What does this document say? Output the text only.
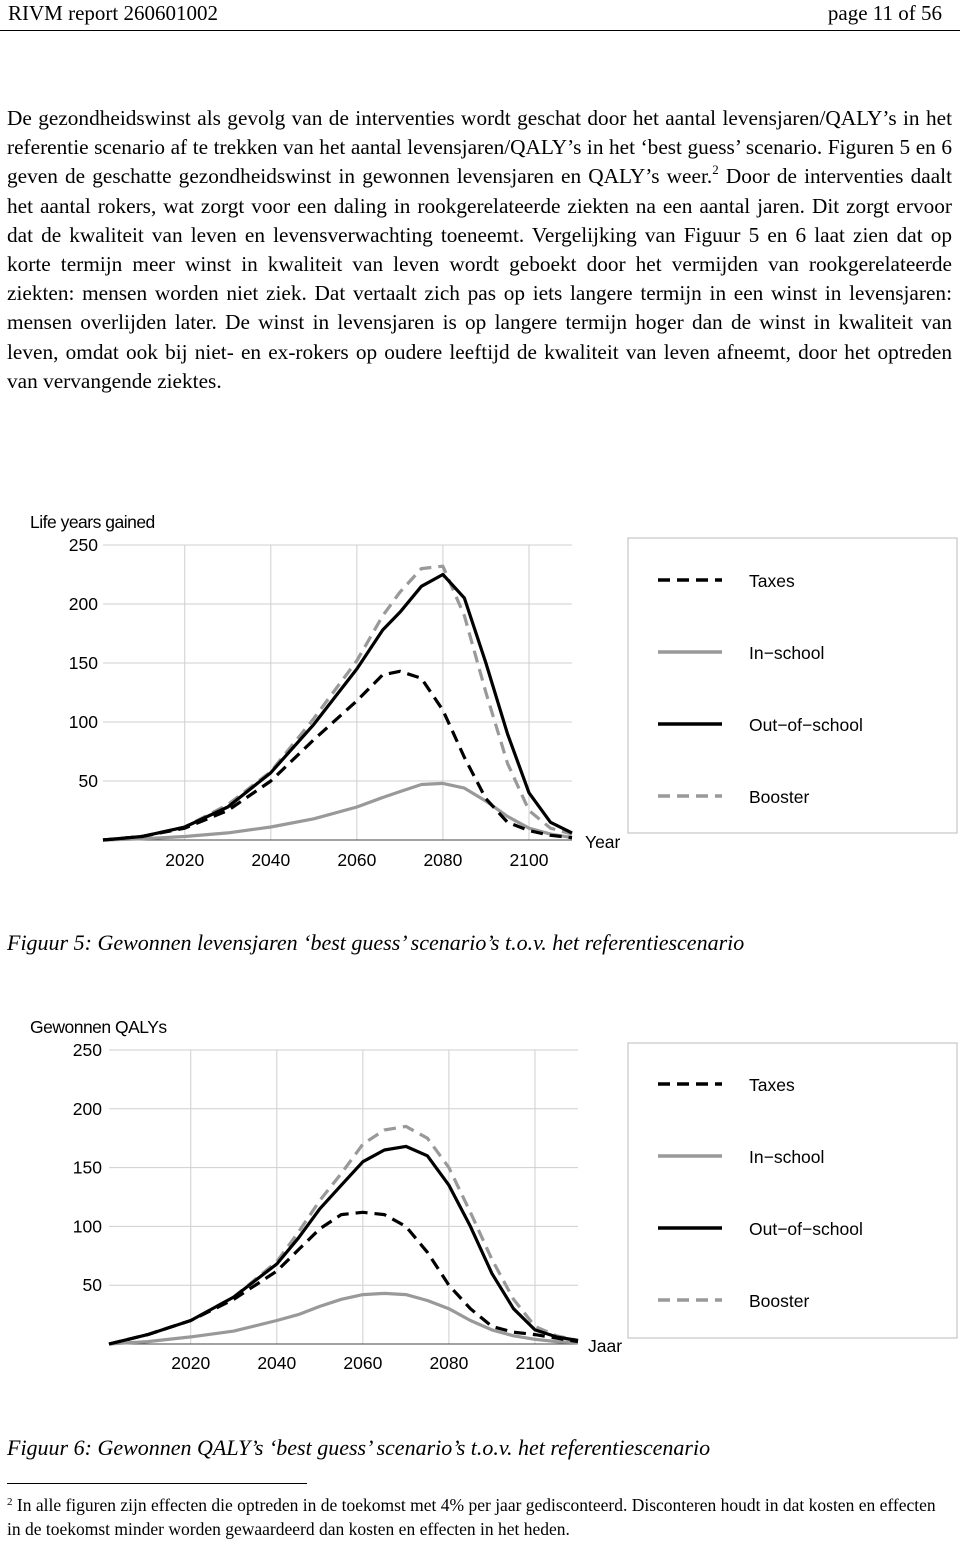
RIVM report 260601002	page 11 of 56
De gezondheidswinst als gevolg van de interventies wordt geschat door het aantal levensjaren/QALY’s in het referentie scenario af te trekken van het aantal levensjaren/QALY’s in het ‘best guess’ scenario. Figuren 5 en 6 geven de geschatte gezondheidswinst in gewonnen levensjaren en QALY’s weer.$^2$ Door de interventies daalt het aantal rokers, wat zorgt voor een daling in rookgerelateerde ziekten na een aantal jaren. Dit zorgt ervoor dat de kwaliteit van leven en levensverwachting toeneemt. Vergelijking van Figuur 5 en 6 laat zien dat op korte termijn meer winst in kwaliteit van leven wordt geboekt door het vermijden van rookgerelateerde ziekten: mensen worden niet ziek. Dat vertaalt zich pas op iets langere termijn in een winst in levensjaren: mensen overlijden later. De winst in levensjaren is op langere termijn hoger dan de winst in kwaliteit van leven, omdat ook bij niet- en ex-rokers op oudere leeftijd de kwaliteit van leven afneemt, door het optreden van vervangende ziektes.
50
100
150
200
250
2020	2040	2060	2080	2100
Life years gained
Year
Taxes
In−school
Out−of−school
Booster
Figuur 5: Gewonnen levensjaren ‘best guess’ scenario’s t.o.v. het referentiescenario
50
100
150
200
250
2020	2040	2060	2080	2100
Gewonnen QALYs
Jaar
Taxes
In−school
Out−of−school
Booster
Figuur 6: Gewonnen QALY’s ‘best guess’ scenario’s t.o.v. het referentiescenario
$^2$ In alle figuren zijn effecten die optreden in de toekomst met 4% per jaar gedisconteerd. Disconteren houdt in dat kosten en effecten in de toekomst minder worden gewaardeerd dan kosten en effecten in het heden.
